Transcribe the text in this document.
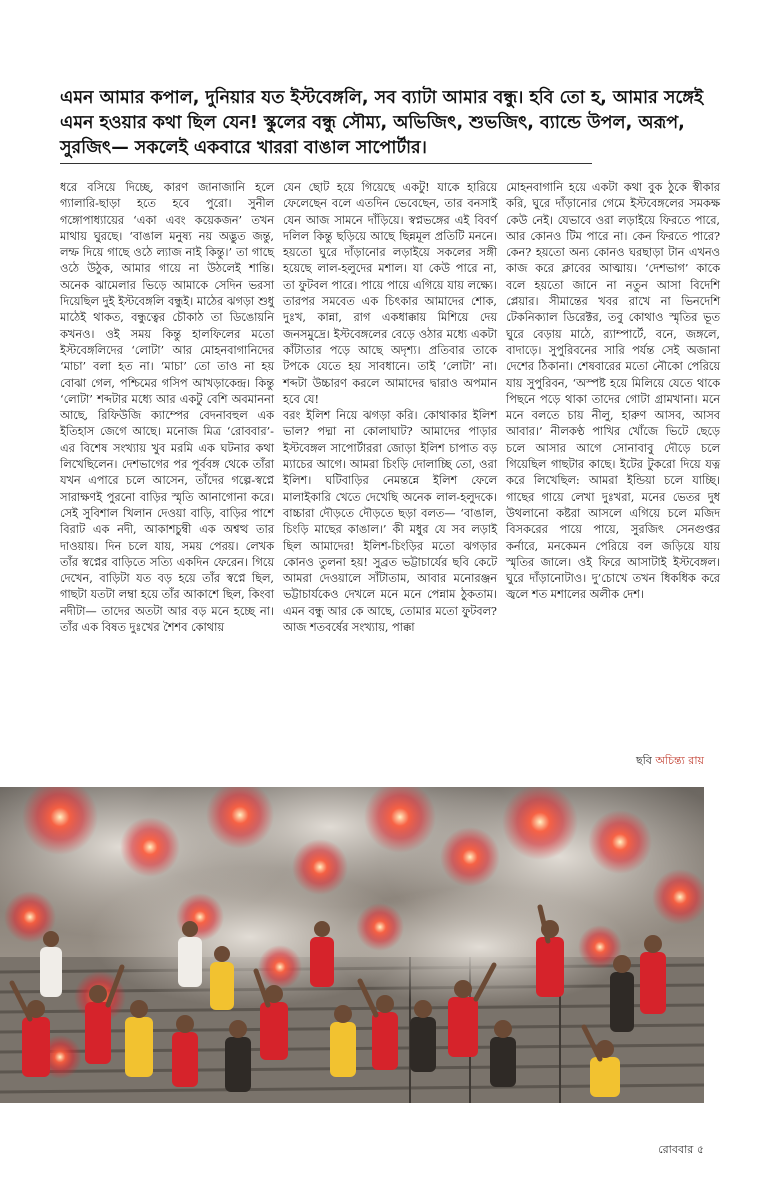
এমন আমার কপাল, দুনিয়ার যত ইস্টবেঙ্গলি, সব ব্যাটা আমার বন্ধু। হবি তো হ, আমার সঙ্গেই এমন হওয়ার কথা ছিল যেন! স্কুলের বন্ধু সৌম্য, অভিজিৎ, শুভজিৎ, ব্যান্ডে উপল, অরূপ, সুরজিৎ— সকলেই একবারে খাররা বাঙাল সাপোর্টার।

ধরে বসিয়ে দিচ্ছে, কারণ জানাজানি হলে গ্যালারি-ছাড়া হতে হবে পুরো। সুনীল গঙ্গোপাধ্যায়ের ‘একা এবং কয়েকজন’ তখন মাথায় ঘুরছে। ‘বাঙাল মনুষ্য নয় অদ্ভুত জন্তু, লম্ফ দিয়ে গাছে ওঠে ল্যাজ নাই কিন্তু।’ তা গাছে ওঠে উঠুক, আমার গায়ে না উঠলেই শান্তি। অনেক ঝামেলার ভিড়ে আমাকে সেদিন ভরসা দিয়েছিল দুই ইস্টবেঙ্গলি বন্ধুই। মাঠের ঝগড়া শুধু মাঠেই থাকত, বন্ধুত্বের চৌকাঠ তা ডিঙোয়নি কখনও। ওই সময় কিন্তু হালফিলের মতো ইস্টবেঙ্গলিদের ‘লোটা’ আর মোহনবাগানিদের ‘মাচা’ বলা হত না। ‘মাচা’ তো তাও না হয় বোঝা গেল, পশ্চিমের গসিপ আখড়াকেন্দ্র। কিন্তু ‘লোটা’ শব্দটার মধ্যে আর একটু বেশি অবমাননা আছে, রিফিউজি ক্যাম্পের বেদনাবহুল এক ইতিহাস জেগে আছে। মনোজ মিত্র ‘রোববার’-এর বিশেষ সংখ্যায় খুব মরমি এক ঘটনার কথা লিখেছিলেন। দেশভাগের পর পূর্ববঙ্গ থেকে তাঁরা যখন এপারে চলে আসেন, তাঁদের গল্পে-স্বপ্নে সারাক্ষণই পুরনো বাড়ির স্মৃতি আনাগোনা করে। সেই সুবিশাল খিলান দেওয়া বাড়ি, বাড়ির পাশে বিরাট এক নদী, আকাশচুম্বী এক অশ্বত্থ তার দাওয়ায়। দিন চলে যায়, সময় পেরয়। লেখক তাঁর স্বপ্নের বাড়িতে সত্যি একদিন ফেরেন। গিয়ে দেখেন, বাড়িটা যত বড় হয়ে তাঁর স্বপ্নে ছিল, গাছটা যতটা লম্বা হয়ে তাঁর আকাশে ছিল, কিংবা নদীটা— তাদের অতটা আর বড় মনে হচ্ছে না। তাঁর এক বিষত দুঃখের শৈশব কোথায়

যেন ছোট হয়ে গিয়েছে একটু! যাকে হারিয়ে ফেলেছেন বলে এতদিন ভেবেছেন, তার বনসাই যেন আজ সামনে দাঁড়িয়ে। স্বপ্নভঙ্গের এই বিবর্ণ দলিল কিন্তু ছড়িয়ে আছে ছিন্নমূল প্রতিটি মননে। হয়তো ঘুরে দাঁড়ানোর লড়াইয়ে সকলের সঙ্গী হয়েছে লাল-হলুদের মশাল। যা কেউ পারে না, তা ফুটবল পারে। পায়ে পায়ে এগিয়ে যায় লক্ষ্যে। তারপর সমবেত এক চিৎকার আমাদের শোক, দুঃখ, কান্না, রাগ একধাক্কায় মিশিয়ে দেয় জনসমুদ্রে। ইস্টবেঙ্গলের বেড়ে ওঠার মধ্যে একটা কাঁটাতার পড়ে আছে অদৃশ্য। প্রতিবার তাকে টপকে যেতে হয় সাবধানে। তাই ‘লোটা’ না। শব্দটা উচ্চারণ করলে আমাদের দ্বারাও অপমান হবে যে!
বরং ইলিশ নিয়ে ঝগড়া করি। কোথাকার ইলিশ ভাল? পদ্মা না কোলাঘাট? আমাদের পাড়ার ইস্টবেঙ্গল সাপোর্টাররা জোড়া ইলিশ চাপাত বড় ম্যাচের আগে। আমরা চিংড়ি দোলাচ্ছি তো, ওরা ইলিশ। ঘটিবাড়ির নেমন্তন্নে ইলিশ ফেলে মালাইকারি খেতে দেখেছি অনেক লাল-হলুদকে। বাচ্চারা দৌড়তে দৌড়তে ছড়া বলত— ‘বাঙাল, চিংড়ি মাছের কাঙাল।’ কী মধুর যে সব লড়াই ছিল আমাদের! ইলিশ-চিংড়ির মতো ঝগড়ার কোনও তুলনা হয়! সুব্রত ভট্টাচার্যের ছবি কেটে আমরা দেওয়ালে সাঁটাতাম, আবার মনোরঞ্জন ভট্টাচার্যকেও দেখলে মনে মনে পেন্নাম ঠুকতাম। এমন বন্ধু আর কে আছে, তোমার মতো ফুটবল? আজ শতবর্ষের সংখ্যায়, পাক্কা

মোহনবাগানি হয়ে একটা কথা বুক ঠুকে স্বীকার করি, ঘুরে দাঁড়ানোর গেমে ইস্টবেঙ্গলের সমকক্ষ কেউ নেই। যেভাবে ওরা লড়াইয়ে ফিরতে পারে, আর কোনও টিম পারে না। কেন ফিরতে পারে? কেন? হয়তো অন্য কোনও ঘরছাড়া টান এখনও কাজ করে ক্লাবের আত্মায়। ‘দেশভাগ’ কাকে বলে হয়তো জানে না নতুন আসা বিদেশি প্লেয়ার। সীমান্তের খবর রাখে না ভিনদেশি টেকনিক্যাল ডিরেক্টর, তবু কোথাও স্মৃতির ভূত ঘুরে বেড়ায় মাঠে, র‍্যাম্পার্টে, বনে, জঙ্গলে, বাদাড়ে। সুপুরিবনের সারি পর্যন্ত সেই অজানা দেশের ঠিকানা। শেষবারের মতো নৌকো পেরিয়ে যায় সুপুরিবন, ‘অস্পষ্ট হয়ে মিলিয়ে যেতে থাকে পিছনে পড়ে থাকা তাদের গোটা গ্রামখানা। মনে মনে বলতে চায় নীলু, হারুণ আসব, আসব আবার।’ নীলকণ্ঠ পাখির খোঁজে ভিটে ছেড়ে চলে আসার আগে সোনাবাবু দৌড়ে চলে গিয়েছিল গাছটার কাছে। ইটের টুকরো দিয়ে যত্ন করে লিখেছিল: আমরা ইন্ডিয়া চলে যাচ্ছি। গাছের গায়ে লেখা দুঃখরা, মনের ভেতর দুধ উথলানো কষ্টরা আসলে এগিয়ে চলে মজিদ বিসকরের পায়ে পায়ে, সুরজিৎ সেনগুপ্তর কর্নারে, মনকেমন পেরিয়ে বল জড়িয়ে যায় স্মৃতির জালে। ওই ফিরে আসাটাই ইস্টবেঙ্গল। ঘুরে দাঁড়ানোটাও। দু’চোখে তখন ধিকধিক করে জ্বলে শত মশালের অলীক দেশ।

ছবি অচিন্ত্য রায়
রোববার ৫
